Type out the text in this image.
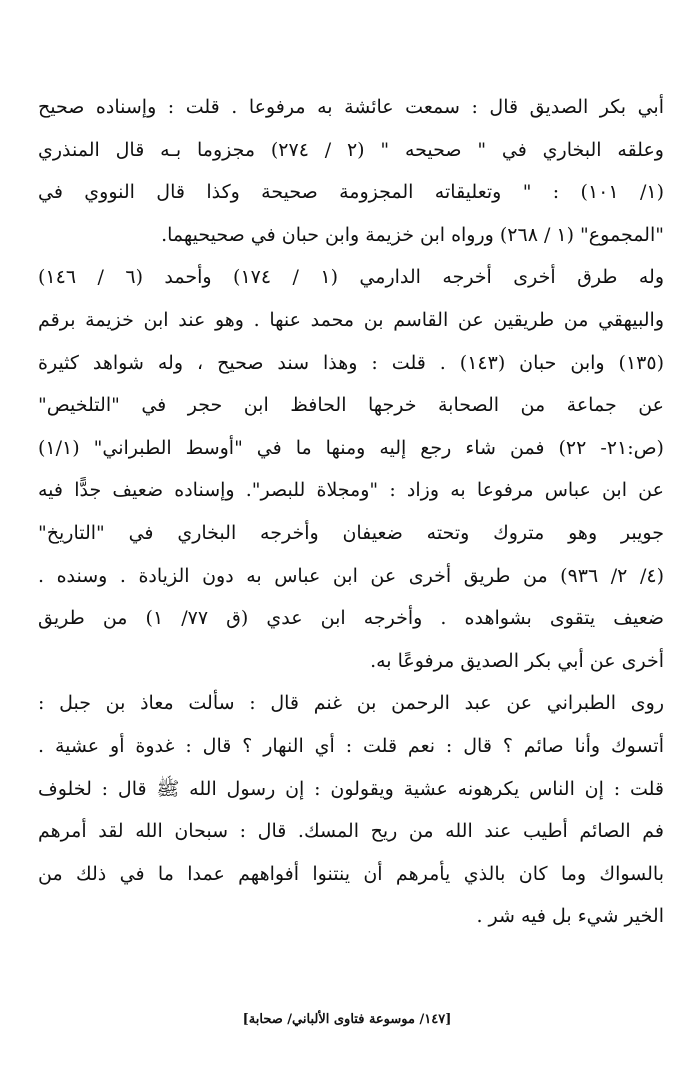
أبي بكر الصديق قال : سمعت عائشة به مرفوعا . قلت : وإسناده صحيح
وعلقه البخاري في " صحيحه " (٢ / ٢٧٤) مجزوما بـه قال المنذري
(١/ ١٠١) : " وتعليقاته المجزومة صحيحة وكذا قال النووي في
"المجموع" (١ / ٢٦٨) ورواه ابن خزيمة وابن حبان في صحيحيهما.
وله طرق أخرى أخرجه الدارمي (١ / ١٧٤) وأحمد (٦ / ١٤٦)
والبيهقي من طريقين عن القاسم بن محمد عنها . وهو عند ابن خزيمة برقم
(١٣٥) وابن حبان (١٤٣) . قلت : وهذا سند صحيح ، وله شواهد كثيرة
عن جماعة من الصحابة خرجها الحافظ ابن حجر في "التلخيص"
(ص:٢١- ٢٢) فمن شاء رجع إليه ومنها ما في "أوسط الطبراني" (١/١)
عن ابن عباس مرفوعا به وزاد : "ومجلاة للبصر". وإسناده ضعيف جدًّا فيه
جويبر وهو متروك وتحته ضعيفان وأخرجه البخاري في "التاريخ"
(٤/ ٢/ ٩٣٦) من طريق أخرى عن ابن عباس به دون الزيادة . وسنده .
ضعيف يتقوى بشواهده . وأخرجه ابن عدي (ق ٧٧/ ١) من طريق
أخرى عن أبي بكر الصديق مرفوعًا به.
روى الطبراني عن عبد الرحمن بن غنم قال : سألت معاذ بن جبل :
أتسوك وأنا صائم ؟ قال : نعم قلت : أي النهار ؟ قال : غدوة أو عشية .
قلت : إن الناس يكرهونه عشية ويقولون : إن رسول الله ﷺ قال : لخلوف
فم الصائم أطيب عند الله من ريح المسك. قال : سبحان الله لقد أمرهم
بالسواك وما كان بالذي يأمرهم أن ينتنوا أفواههم عمدا ما في ذلك من
الخير شيء بل فيه شر .
[١٤٧/ موسوعة فتاوى الألباني/ صحابة]
